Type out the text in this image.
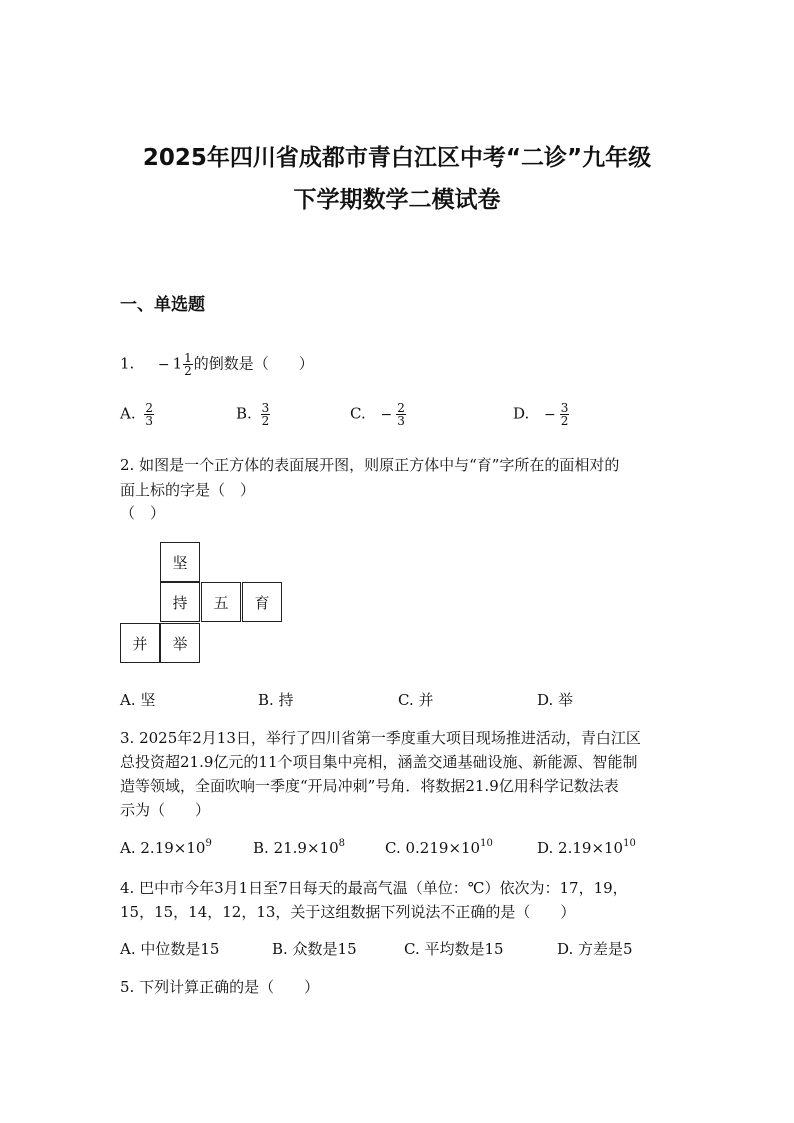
2025年四川省成都市青白江区中考“二诊”九年级
下学期数学二模试卷
一、单选题
1. − $1 \frac{1}{2}$ 的倒数是（　　）
A. $\frac{2}{3}$	B. $\frac{3}{2}$	C. − $\frac{2}{3}$	D. − $\frac{3}{2}$
2. 如图是一个正方体的表面展开图，则原正方体中与“育”字所在的面相对的
面上标的字是（　）
（　）
坚
持	五	育
并	举
A. 坚	B. 持	C. 并	D. 举
3. 2025年2月13日，举行了四川省第一季度重大项目现场推进活动，青白江区
总投资超21.9亿元的11个项目集中亮相，涵盖交通基础设施、新能源、智能制
造等领域，全面吹响一季度“开局冲刺”号角．将数据21.9亿用科学记数法表
示为（　　）
A. $2.19\times 10^9$	B. $21.9\times 10^8$	C. $0.219\times 10^{10}$	D. $2.19\times 10^{10}$
4. 巴中市今年3月1日至7日每天的最高气温（单位：℃）依次为：17，19，
15，15，14，12，13，关于这组数据下列说法不正确的是（　　）
A. 中位数是15	B. 众数是15	C. 平均数是15	D. 方差是5
5. 下列计算正确的是（　　）
